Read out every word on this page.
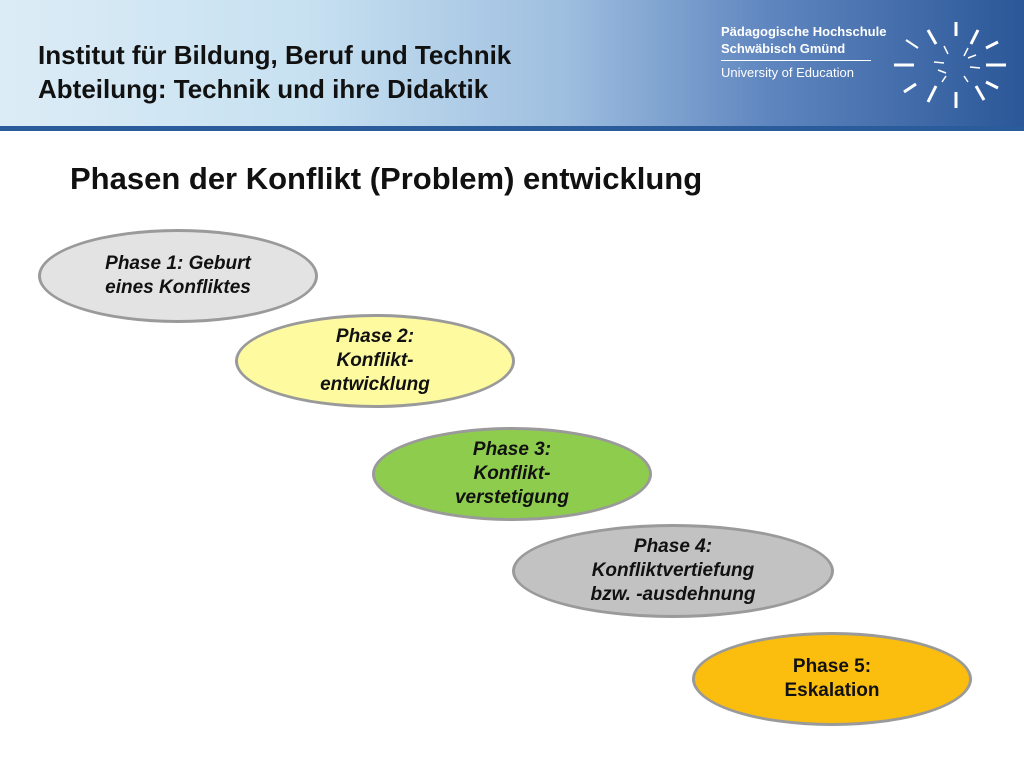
Institut für Bildung, Beruf und Technik
Abteilung: Technik und ihre Didaktik
Pädagogische Hochschule
Schwäbisch Gmünd
University of Education
Phasen der Konflikt (Problem) entwicklung
Phase 1: Geburt
eines Konfliktes
Phase 2:
Konflikt-
entwicklung
Phase 3:
Konflikt-
verstetigung
Phase 4:
Konfliktvertiefung
bzw. -ausdehnung
Phase 5:
Eskalation
